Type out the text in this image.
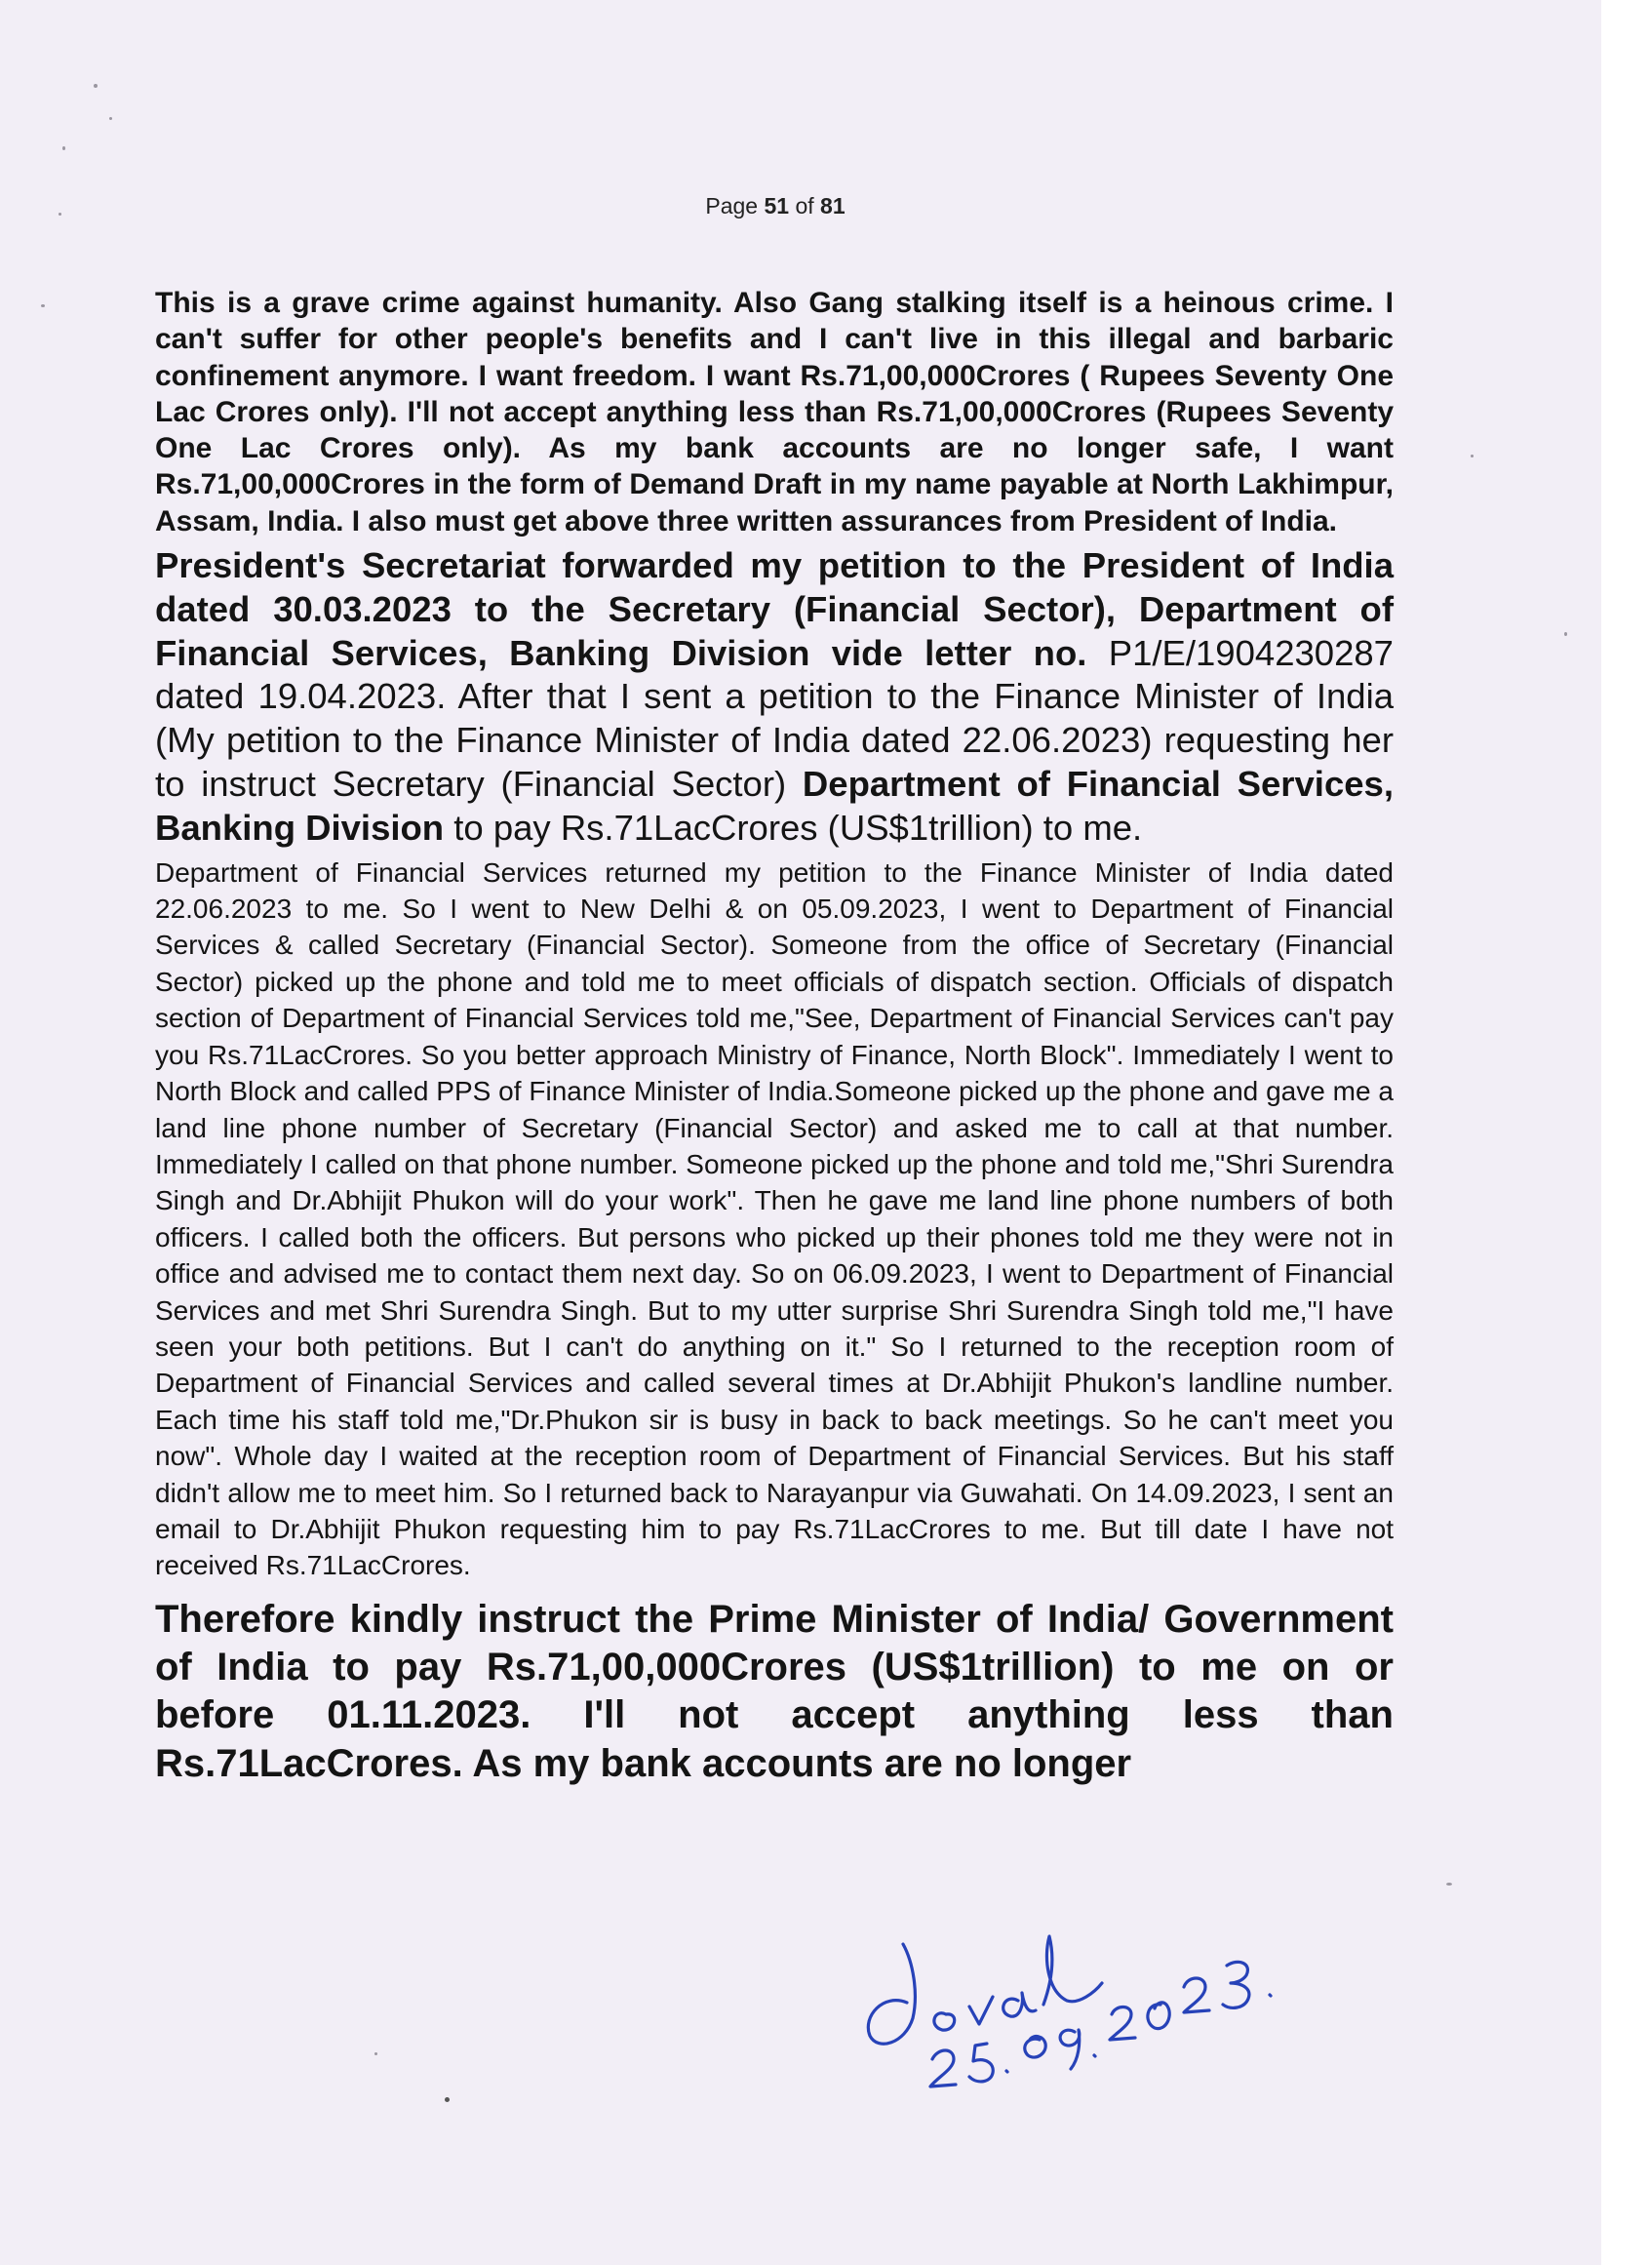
Page 51 of 81

This is a grave crime against humanity. Also Gang stalking itself is a heinous crime. I can't suffer for other people's benefits and I can't live in this illegal and barbaric confinement anymore. I want freedom. I want Rs.71,00,000Crores ( Rupees Seventy One Lac Crores only). I'll not accept anything less than Rs.71,00,000Crores (Rupees Seventy One Lac Crores only). As my bank accounts are no longer safe, I want Rs.71,00,000Crores in the form of Demand Draft in my name payable at North Lakhimpur, Assam, India. I also must get above three written assurances from President of India.

President's Secretariat forwarded my petition to the President of India dated 30.03.2023 to the Secretary (Financial Sector), Department of Financial Services, Banking Division vide letter no. P1/E/1904230287 dated 19.04.2023. After that I sent a petition to the Finance Minister of India (My petition to the Finance Minister of India dated 22.06.2023) requesting her to instruct Secretary (Financial Sector) Department of Financial Services, Banking Division to pay Rs.71LacCrores (US$1trillion) to me.

Department of Financial Services returned my petition to the Finance Minister of India dated 22.06.2023 to me. So I went to New Delhi & on 05.09.2023, I went to Department of Financial Services & called Secretary (Financial Sector). Someone from the office of Secretary (Financial Sector) picked up the phone and told me to meet officials of dispatch section. Officials of dispatch section of Department of Financial Services told me,"See, Department of Financial Services can't pay you Rs.71LacCrores. So you better approach Ministry of Finance, North Block". Immediately I went to North Block and called PPS of Finance Minister of India.Someone picked up the phone and gave me a land line phone number of Secretary (Financial Sector) and asked me to call at that number. Immediately I called on that phone number. Someone picked up the phone and told me,"Shri Surendra Singh and Dr.Abhijit Phukon will do your work". Then he gave me land line phone numbers of both officers. I called both the officers. But persons who picked up their phones told me they were not in office and advised me to contact them next day. So on 06.09.2023, I went to Department of Financial Services and met Shri Surendra Singh. But to my utter surprise Shri Surendra Singh told me,"I have seen your both petitions. But I can't do anything on it." So I returned to the reception room of Department of Financial Services and called several times at Dr.Abhijit Phukon's landline number. Each time his staff told me,"Dr.Phukon sir is busy in back to back meetings. So he can't meet you now". Whole day I waited at the reception room of Department of Financial Services. But his staff didn't allow me to meet him. So I returned back to Narayanpur via Guwahati. On 14.09.2023, I sent an email to Dr.Abhijit Phukon requesting him to pay Rs.71LacCrores to me. But till date I have not received Rs.71LacCrores.

Therefore kindly instruct the Prime Minister of India/ Government of India to pay Rs.71,00,000Crores (US$1trillion) to me on or before 01.11.2023. I'll not accept anything less than Rs.71LacCrores. As my bank accounts are no longer
